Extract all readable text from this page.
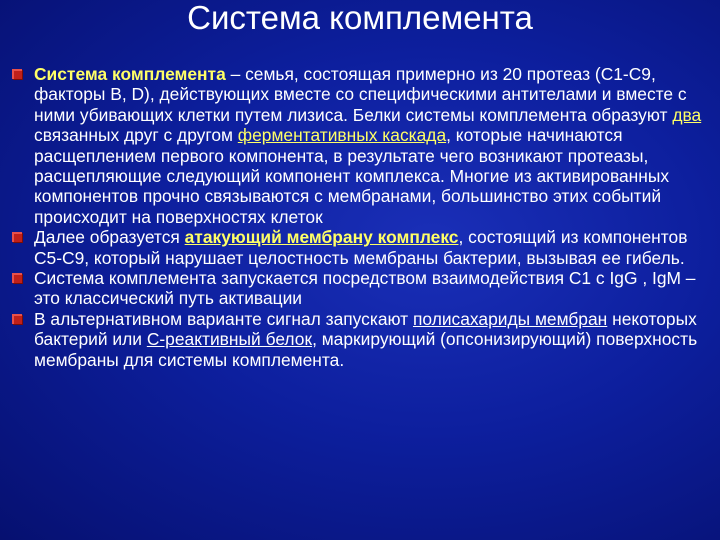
Система комплемента
Система комплемента – семья, состоящая примерно из 20 протеаз (C1-C9, факторы B, D), действующих вместе со специфическими антителами и вместе с ними убивающих клетки путем лизиса. Белки системы комплемента образуют два связанных друг с другом ферментативных каскада, которые начинаются расщеплением первого компонента, в результате чего возникают протеазы, расщепляющие следующий компонент комплекса. Многие из активированных компонентов прочно связываются с мембранами, большинство этих событий происходит на поверхностях клеток
Далее образуется атакующий мембрану комплекс, состоящий из компонентов С5-С9, который нарушает целостность мембраны бактерии, вызывая ее гибель.
Система комплемента запускается посредством взаимодействия С1 с IgG , IgM – это классический путь активации
В альтернативном варианте сигнал запускают полисахариды мембран некоторых бактерий или С-реактивный белок, маркирующий (опсонизирующий) поверхность мембраны для системы комплемента.
